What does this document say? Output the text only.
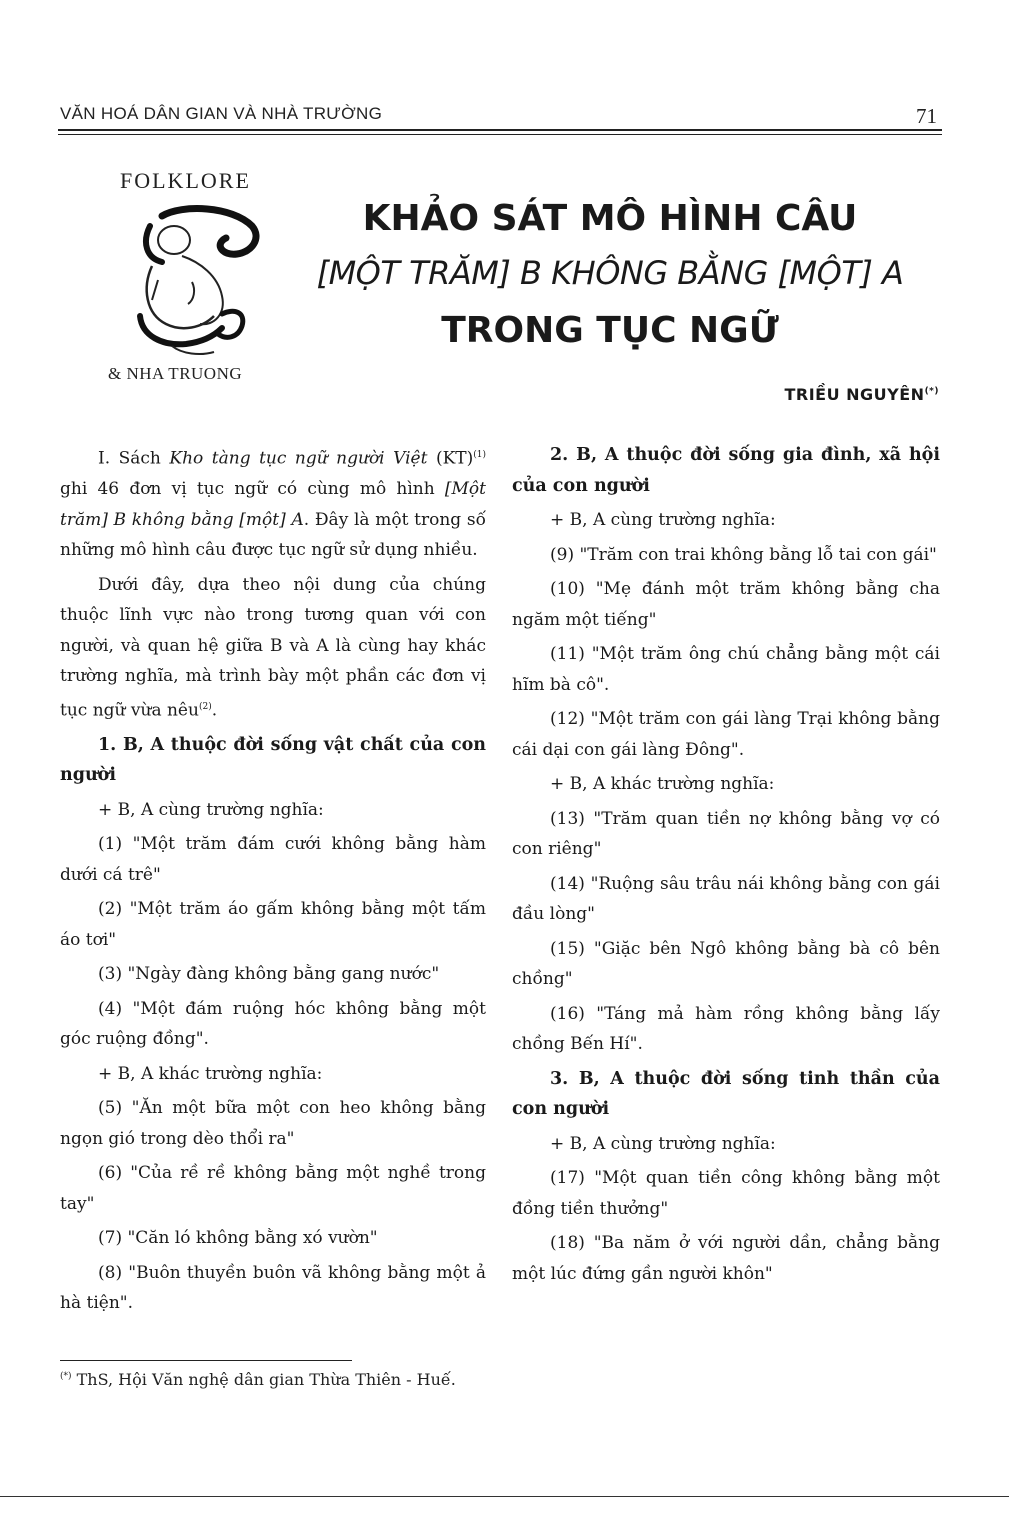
VĂN HOÁ DÂN GIAN VÀ NHÀ TRƯỜNG	71
FOLKLORE
& NHA TRUONG
KHẢO SÁT MÔ HÌNH CÂU
[MỘT TRĂM] B KHÔNG BẰNG [MỘT] A
TRONG TỤC NGỮ
TRIỀU NGUYÊN(*)

I. Sách Kho tàng tục ngữ người Việt (KT)$^{(1)}$ ghi 46 đơn vị tục ngữ có cùng mô hình [Một trăm] B không bằng [một] A. Đây là một trong số những mô hình câu được tục ngữ sử dụng nhiều.

Dưới đây, dựa theo nội dung của chúng thuộc lĩnh vực nào trong tương quan với con người, và quan hệ giữa B và A là cùng hay khác trường nghĩa, mà trình bày một phần các đơn vị tục ngữ vừa nêu$^{(2)}$.

1. B, A thuộc đời sống vật chất của con người

+ B, A cùng trường nghĩa:

(1) "Một trăm đám cưới không bằng hàm dưới cá trê"

(2) "Một trăm áo gấm không bằng một tấm áo tơi"

(3) "Ngày đàng không bằng gang nước"

(4) "Một đám ruộng hóc không bằng một góc ruộng đồng".

+ B, A khác trường nghĩa:

(5) "Ăn một bữa một con heo không bằng ngọn gió trong dèo thổi ra"

(6) "Của rề rề không bằng một nghề trong tay"

(7) "Căn ló không bằng xó vườn"

(8) "Buôn thuyền buôn vã không bằng một ả hà tiện".

2. B, A thuộc đời sống gia đình, xã hội của con người

+ B, A cùng trường nghĩa:

(9) "Trăm con trai không bằng lỗ tai con gái"

(10) "Mẹ đánh một trăm không bằng cha ngăm một tiếng"

(11) "Một trăm ông chú chẳng bằng một cái hĩm bà cô".

(12) "Một trăm con gái làng Trại không bằng cái dại con gái làng Đông".

+ B, A khác trường nghĩa:

(13) "Trăm quan tiền nợ không bằng vợ có con riêng"

(14) "Ruộng sâu trâu nái không bằng con gái đầu lòng"

(15) "Giặc bên Ngô không bằng bà cô bên chồng"

(16) "Táng mả hàm rồng không bằng lấy chồng Bến Hí".

3. B, A thuộc đời sống tinh thần của con người

+ B, A cùng trường nghĩa:

(17) "Một quan tiền công không bằng một đồng tiền thưởng"

(18) "Ba năm ở với người dần, chẳng bằng một lúc đứng gần người khôn"

(*) ThS, Hội Văn nghệ dân gian Thừa Thiên - Huế.
